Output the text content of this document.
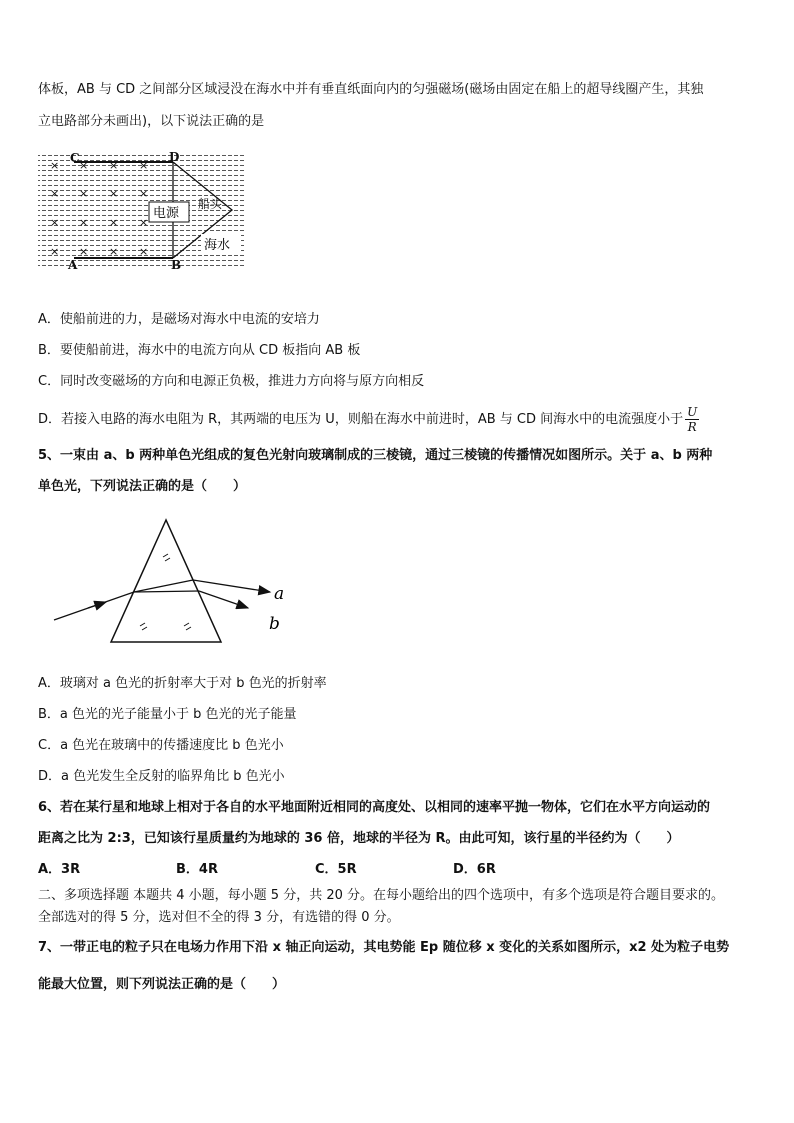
体板，AB 与 CD 之间部分区域浸没在海水中并有垂直纸面向内的匀强磁场(磁场由固定在船上的超导线圈产生，其独
立电路部分未画出)，以下说法正确的是
× × × ×
× × × ×
× × × ×
× × × ×
电源
船头
海水
C	D
A	B
A．使船前进的力，是磁场对海水中电流的安培力
B．要使船前进，海水中的电流方向从 CD 板指向 AB 板
C．同时改变磁场的方向和电源正负极，推进力方向将与原方向相反
D．若接入电路的海水电阻为 R，其两端的电压为 U，则船在海水中前进时，AB 与 CD 间海水中的电流强度小于 $\frac{U}{R}$
5、一束由 a、b 两种单色光组成的复色光射向玻璃制成的三棱镜，通过三棱镜的传播情况如图所示。关于 a、b 两种
单色光，下列说法正确的是（　　）
a
b
A．玻璃对 a 色光的折射率大于对 b 色光的折射率
B．a 色光的光子能量小于 b 色光的光子能量
C．a 色光在玻璃中的传播速度比 b 色光小
D．a 色光发生全反射的临界角比 b 色光小
6、若在某行星和地球上相对于各自的水平地面附近相同的高度处、以相同的速率平抛一物体，它们在水平方向运动的
距离之比为 2:3，已知该行星质量约为地球的 36 倍，地球的半径为 R。由此可知，该行星的半径约为（　　）
A．3R	B．4R	C．5R	D．6R
二、多项选择题 本题共 4 小题，每小题 5 分，共 20 分。在每小题给出的四个选项中，有多个选项是符合题目要求的。
全部选对的得 5 分，选对但不全的得 3 分，有选错的得 0 分。
7、一带正电的粒子只在电场力作用下沿 x 轴正向运动，其电势能 Ep 随位移 x 变化的关系如图所示，x2 处为粒子电势
能最大位置，则下列说法正确的是（　　）
